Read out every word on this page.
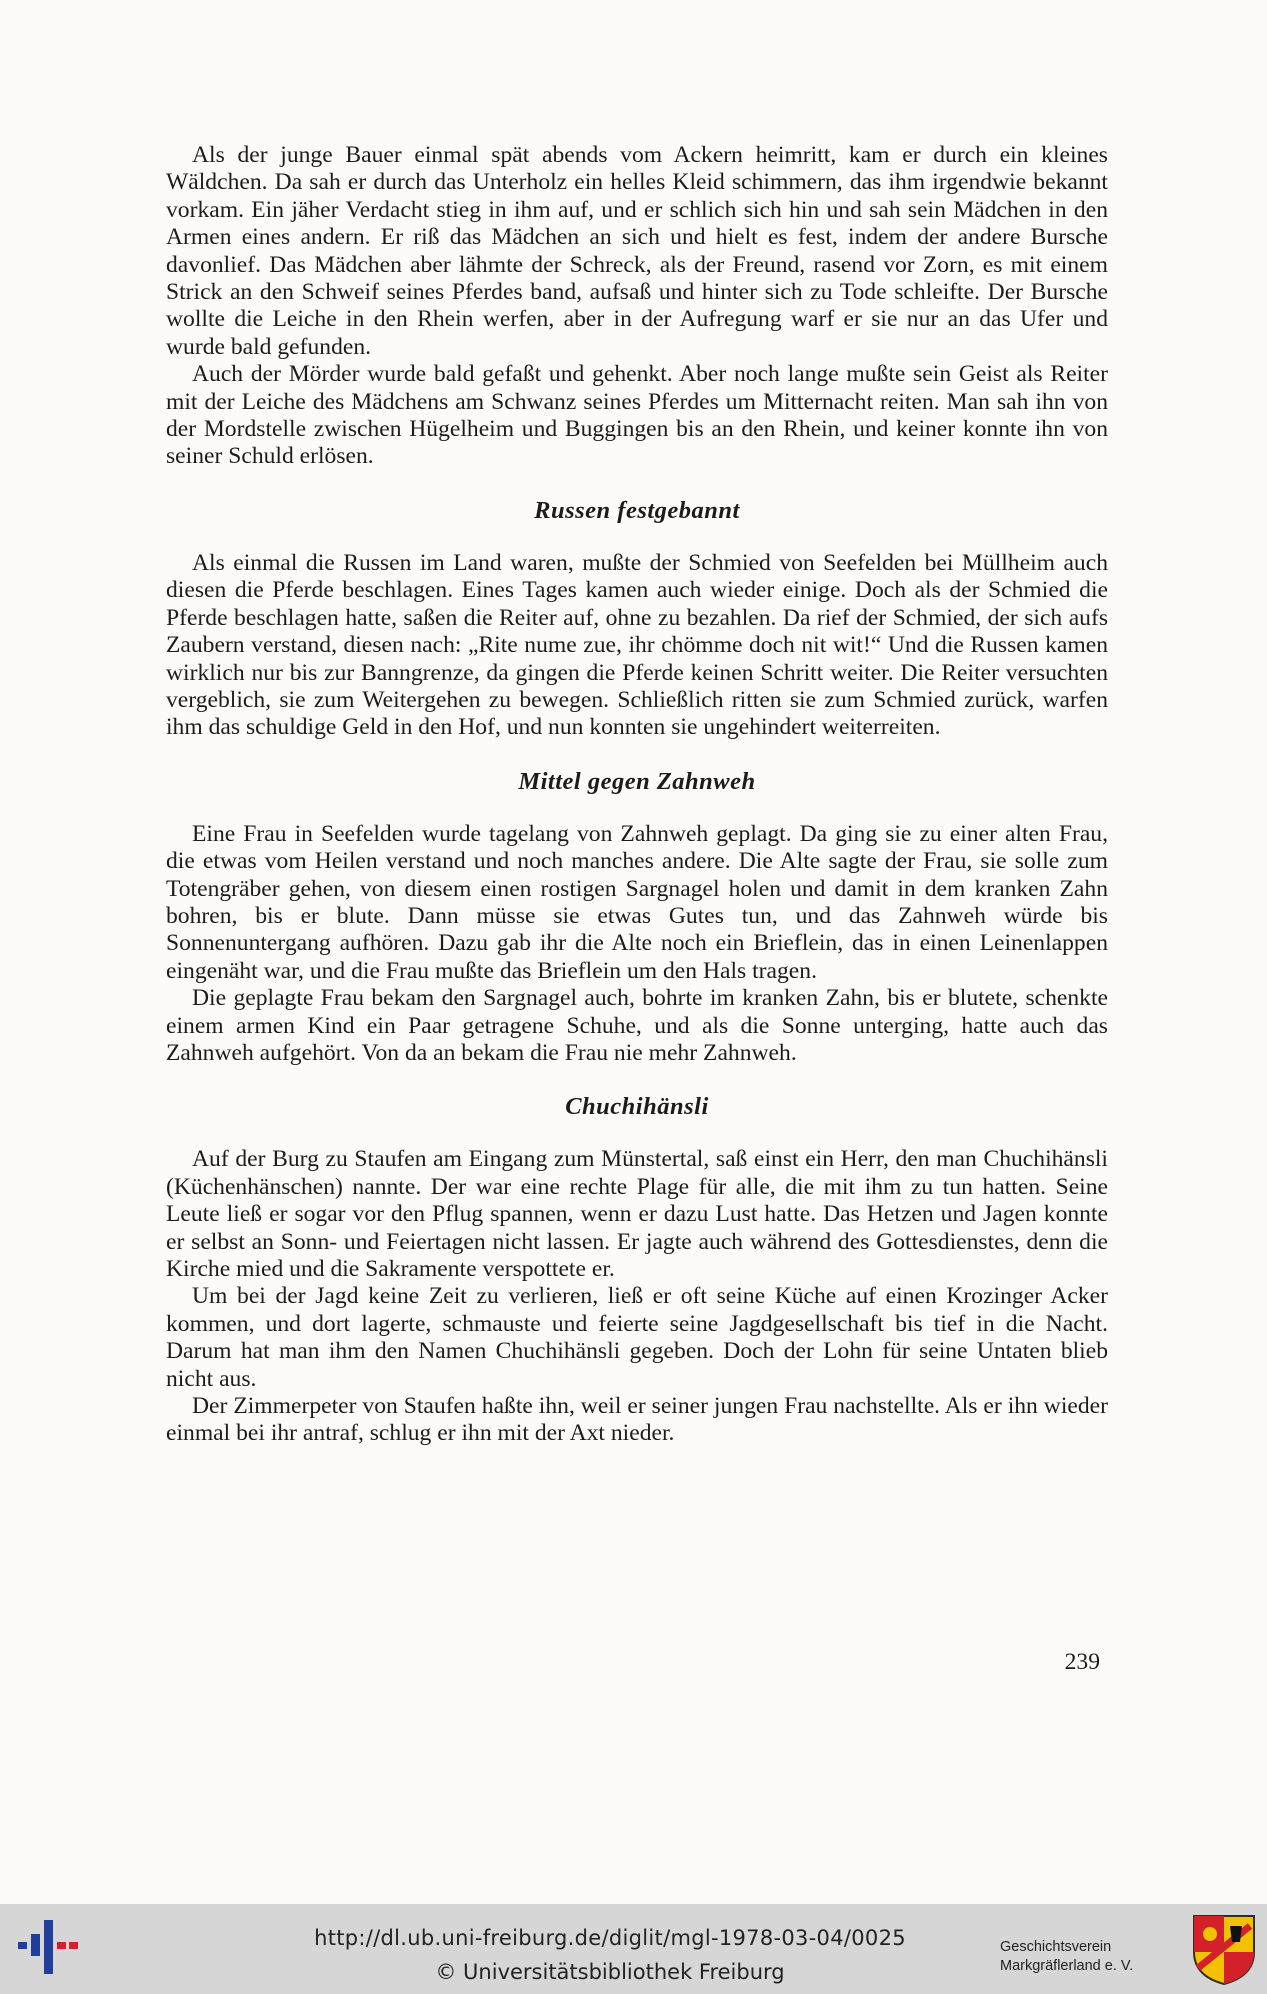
Als der junge Bauer einmal spät abends vom Ackern heimritt, kam er durch ein kleines Wäldchen. Da sah er durch das Unterholz ein helles Kleid schimmern, das ihm irgendwie bekannt vorkam. Ein jäher Verdacht stieg in ihm auf, und er schlich sich hin und sah sein Mädchen in den Armen eines andern. Er riß das Mädchen an sich und hielt es fest, indem der andere Bursche davonlief. Das Mädchen aber lähmte der Schreck, als der Freund, rasend vor Zorn, es mit einem Strick an den Schweif seines Pferdes band, aufsaß und hinter sich zu Tode schleifte. Der Bursche wollte die Leiche in den Rhein werfen, aber in der Aufregung warf er sie nur an das Ufer und wurde bald gefunden.

Auch der Mörder wurde bald gefaßt und gehenkt. Aber noch lange mußte sein Geist als Reiter mit der Leiche des Mädchens am Schwanz seines Pferdes um Mitternacht reiten. Man sah ihn von der Mordstelle zwischen Hügelheim und Buggingen bis an den Rhein, und keiner konnte ihn von seiner Schuld erlösen.

Russen festgebannt

Als einmal die Russen im Land waren, mußte der Schmied von Seefelden bei Müllheim auch diesen die Pferde beschlagen. Eines Tages kamen auch wieder einige. Doch als der Schmied die Pferde beschlagen hatte, saßen die Reiter auf, ohne zu bezahlen. Da rief der Schmied, der sich aufs Zaubern verstand, diesen nach: „Rite nume zue, ihr chömme doch nit wit!“ Und die Russen kamen wirklich nur bis zur Banngrenze, da gingen die Pferde keinen Schritt weiter. Die Reiter versuchten vergeblich, sie zum Weitergehen zu bewegen. Schließlich ritten sie zum Schmied zurück, warfen ihm das schuldige Geld in den Hof, und nun konnten sie ungehindert weiterreiten.

Mittel gegen Zahnweh

Eine Frau in Seefelden wurde tagelang von Zahnweh geplagt. Da ging sie zu einer alten Frau, die etwas vom Heilen verstand und noch manches andere. Die Alte sagte der Frau, sie solle zum Totengräber gehen, von diesem einen rostigen Sargnagel holen und damit in dem kranken Zahn bohren, bis er blute. Dann müsse sie etwas Gutes tun, und das Zahnweh würde bis Sonnenuntergang aufhören. Dazu gab ihr die Alte noch ein Brieflein, das in einen Leinenlappen eingenäht war, und die Frau mußte das Brieflein um den Hals tragen.

Die geplagte Frau bekam den Sargnagel auch, bohrte im kranken Zahn, bis er blutete, schenkte einem armen Kind ein Paar getragene Schuhe, und als die Sonne unterging, hatte auch das Zahnweh aufgehört. Von da an bekam die Frau nie mehr Zahnweh.

Chuchihänsli

Auf der Burg zu Staufen am Eingang zum Münstertal, saß einst ein Herr, den man Chuchihänsli (Küchenhänschen) nannte. Der war eine rechte Plage für alle, die mit ihm zu tun hatten. Seine Leute ließ er sogar vor den Pflug spannen, wenn er dazu Lust hatte. Das Hetzen und Jagen konnte er selbst an Sonn- und Feiertagen nicht lassen. Er jagte auch während des Gottesdienstes, denn die Kirche mied und die Sakramente verspottete er.

Um bei der Jagd keine Zeit zu verlieren, ließ er oft seine Küche auf einen Krozinger Acker kommen, und dort lagerte, schmauste und feierte seine Jagdgesellschaft bis tief in die Nacht. Darum hat man ihm den Namen Chuchihänsli gegeben. Doch der Lohn für seine Untaten blieb nicht aus.

Der Zimmerpeter von Staufen haßte ihn, weil er seiner jungen Frau nachstellte. Als er ihn wieder einmal bei ihr antraf, schlug er ihn mit der Axt nieder.

239
http://dl.ub.uni-freiburg.de/diglit/mgl-1978-03-04/0025
© Universitätsbibliothek Freiburg
Geschichtsverein
Markgräflerland e. V.
